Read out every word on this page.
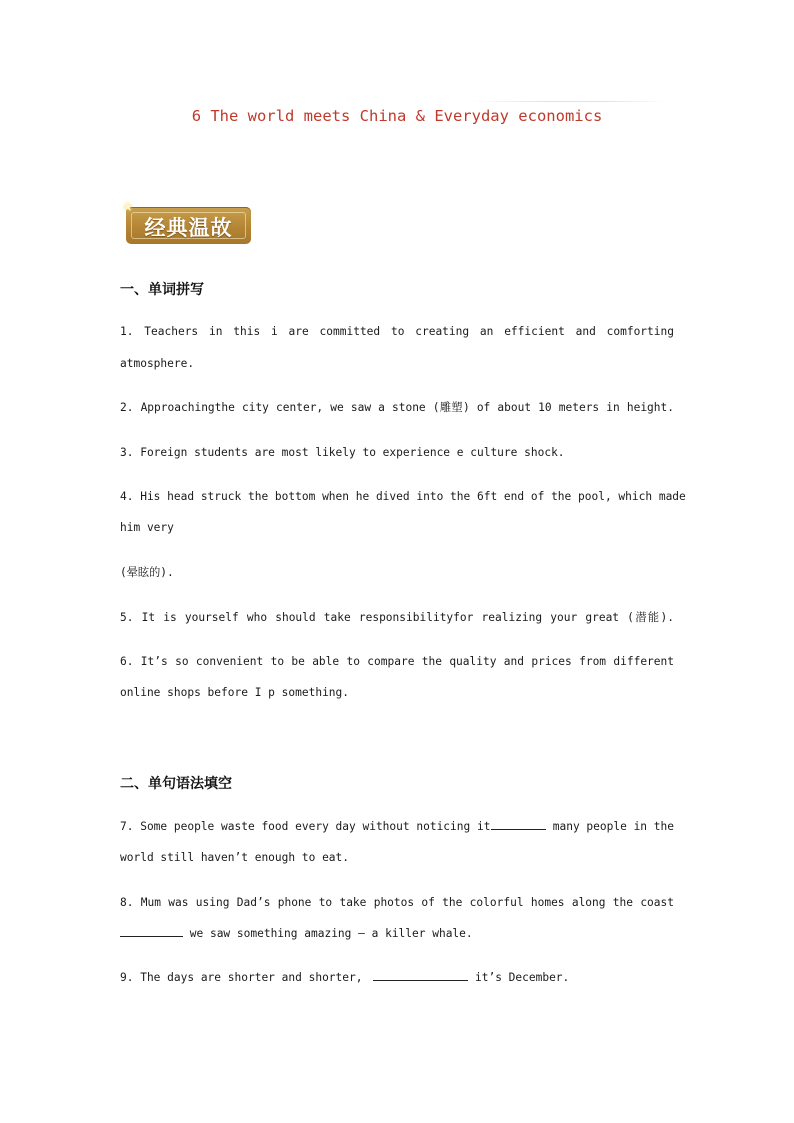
6 The world meets China & Everyday economics
经典温故
★
一、单词拼写
1. Teachers in this i are committed to creating an efficient and comforting
atmosphere.
2. Approachingthe city center, we saw a stone (雕塑) of about 10 meters in height.
3. Foreign students are most likely to experience e culture shock.
4. His head struck the bottom when he dived into the 6ft end of the pool, which made
him very
(晕眩的).
5. It is yourself who should take responsibilityfor realizing your great (潜能).
6. It’s so convenient to be able to compare the quality and prices from different
online shops before I p something.
二、单句语法填空
7. Some people waste food every day without noticing it	many people in the
world still haven’t enough to eat.
8. Mum was using Dad’s phone to take photos of the colorful homes along the coast
we saw something amazing — a killer whale.
9. The days are shorter and shorter,	it’s December.
